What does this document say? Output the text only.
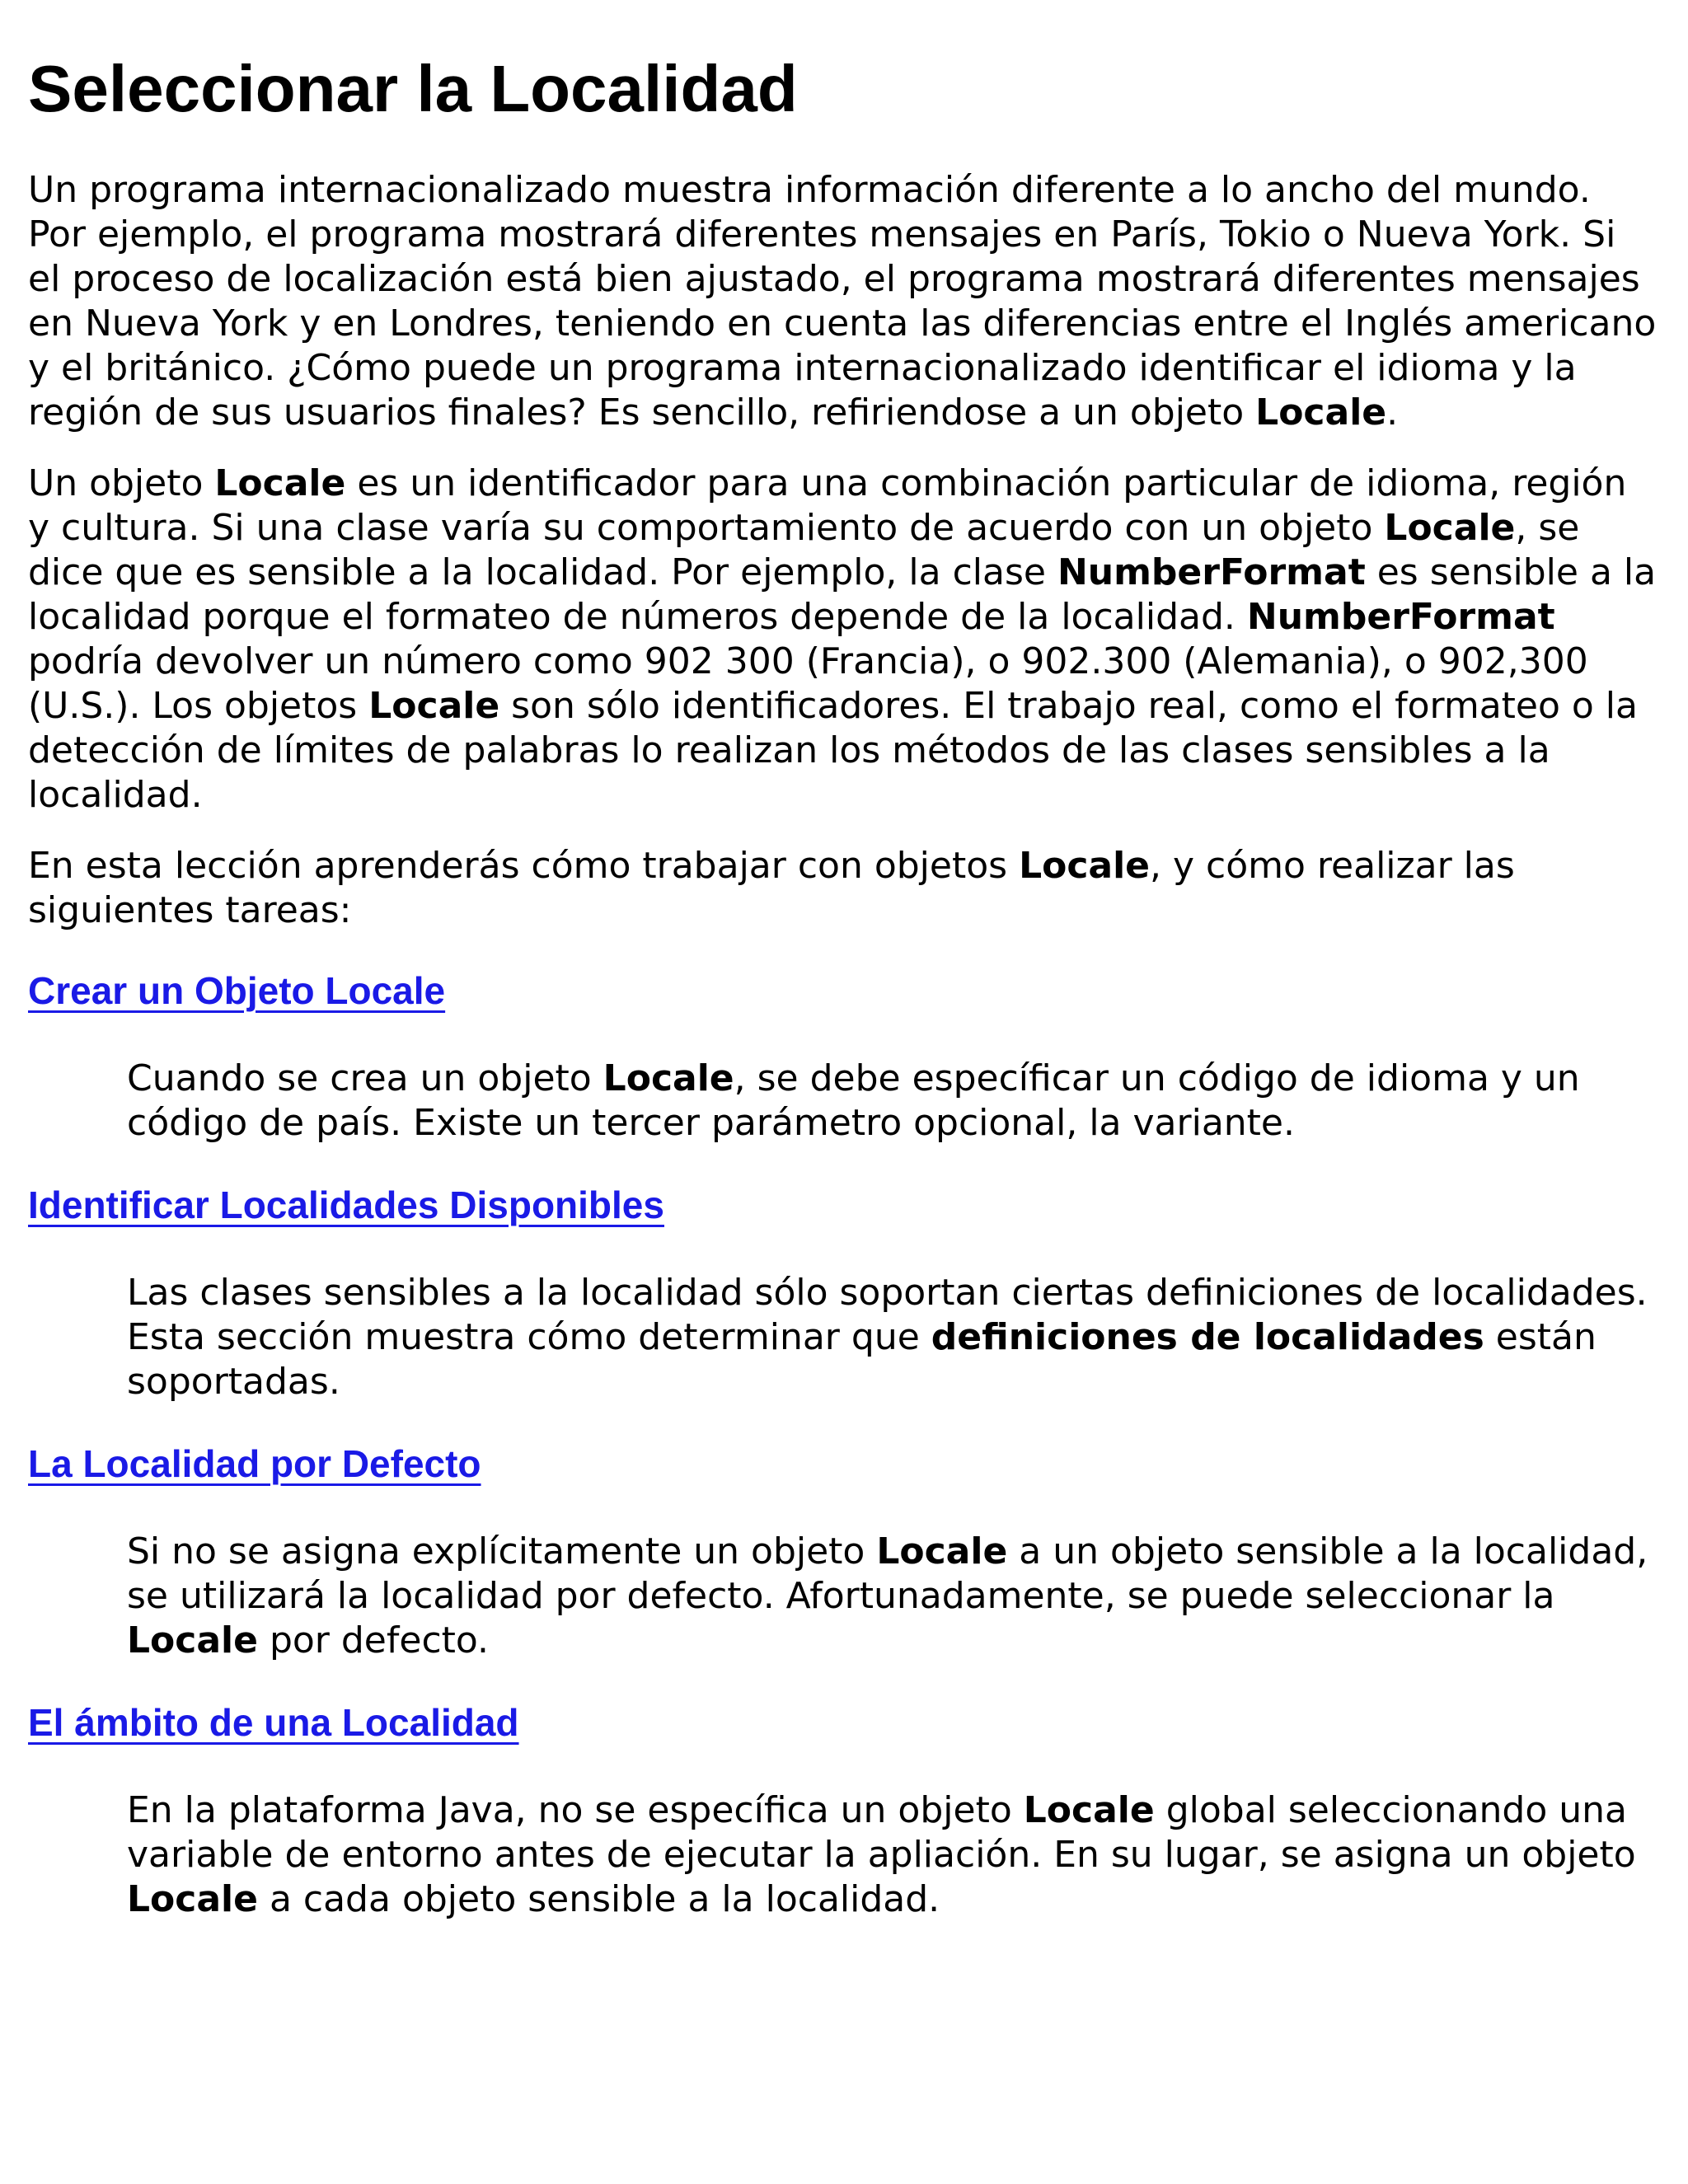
Seleccionar la Localidad

Un programa internacionalizado muestra información diferente a lo ancho del mundo. Por ejemplo, el programa mostrará diferentes mensajes en París, Tokio o Nueva York. Si el proceso de localización está bien ajustado, el programa mostrará diferentes mensajes en Nueva York y en Londres, teniendo en cuenta las diferencias entre el Inglés americano y el británico. ¿Cómo puede un programa internacionalizado identificar el idioma y la región de sus usuarios finales? Es sencillo, refiriendose a un objeto Locale.

Un objeto Locale es un identificador para una combinación particular de idioma, región y cultura. Si una clase varía su comportamiento de acuerdo con un objeto Locale, se dice que es sensible a la localidad. Por ejemplo, la clase NumberFormat es sensible a la localidad porque el formateo de números depende de la localidad. NumberFormat podría devolver un número como 902 300 (Francia), o 902.300 (Alemania), o 902,300 (U.S.). Los objetos Locale son sólo identificadores. El trabajo real, como el formateo o la detección de límites de palabras lo realizan los métodos de las clases sensibles a la localidad.

En esta lección aprenderás cómo trabajar con objetos Locale, y cómo realizar las siguientes tareas:

Crear un Objeto Locale

Cuando se crea un objeto Locale, se debe específicar un código de idioma y un código de país. Existe un tercer parámetro opcional, la variante.

Identificar Localidades Disponibles

Las clases sensibles a la localidad sólo soportan ciertas definiciones de localidades. Esta sección muestra cómo determinar que definiciones de localidades están soportadas.

La Localidad por Defecto

Si no se asigna explícitamente un objeto Locale a un objeto sensible a la localidad, se utilizará la localidad por defecto. Afortunadamente, se puede seleccionar la Locale por defecto.

El ámbito de una Localidad

En la plataforma Java, no se específica un objeto Locale global seleccionando una variable de entorno antes de ejecutar la apliación. En su lugar, se asigna un objeto Locale a cada objeto sensible a la localidad.
